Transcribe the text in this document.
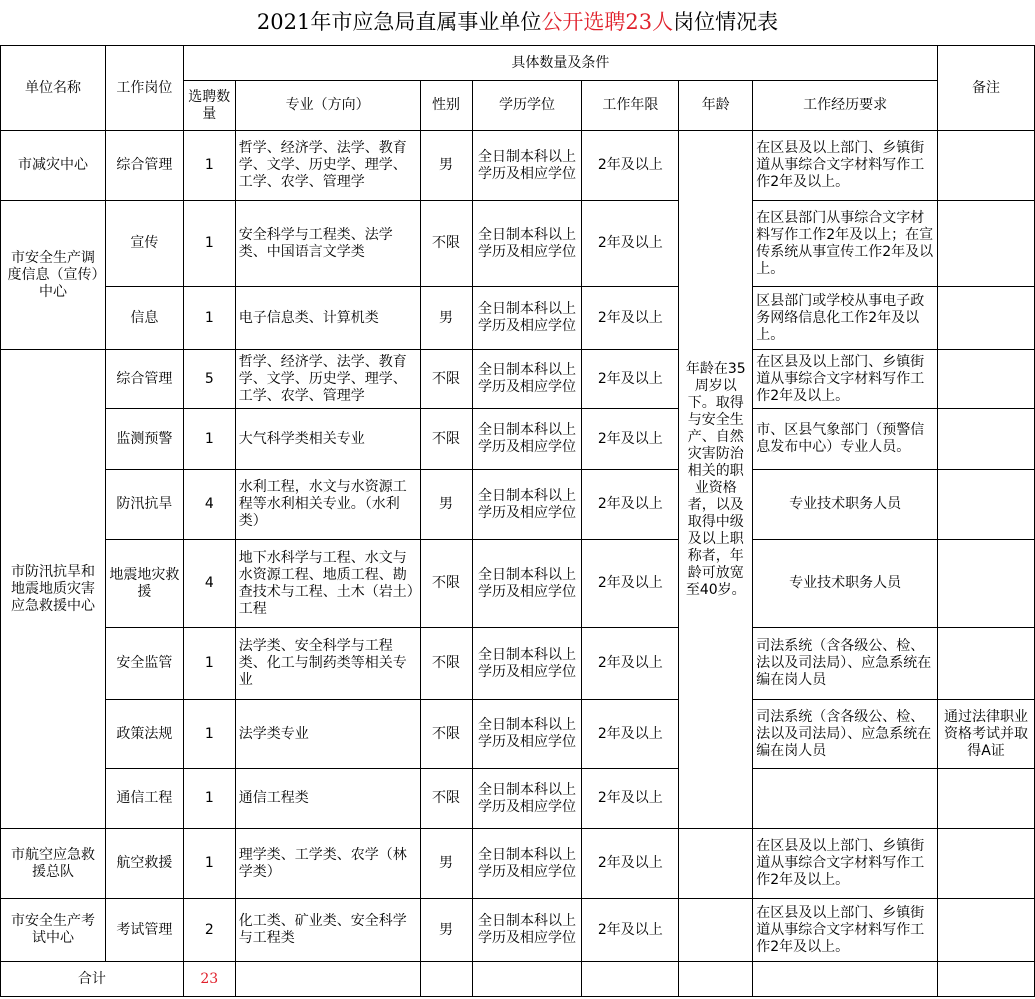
2021年市应急局直属事业单位公开选聘23人岗位情况表
单位名称	工作岗位	具体数量及条件							备注
		选聘数量	专业（方向）	性别	学历学位	工作年限	年龄	工作经历要求	
市减灾中心	综合管理	1	哲学、经济学、法学、教育学、文学、历史学、理学、工学、农学、管理学	男	全日制本科以上学历及相应学位	2年及以上	年龄在35周岁以下。取得与安全生产、自然灾害防治相关的职业资格者，以及取得中级及以上职称者，年龄可放宽至40岁。	在区县及以上部门、乡镇街道从事综合文字材料写作工作2年及以上。	
市安全生产调度信息（宣传）中心	宣传	1	安全科学与工程类、法学类、中国语言文学类	不限	全日制本科以上学历及相应学位	2年及以上		在区县部门从事综合文字材料写作工作2年及以上；在宣传系统从事宣传工作2年及以上。	
	信息	1	电子信息类、计算机类	男	全日制本科以上学历及相应学位	2年及以上		区县部门或学校从事电子政务网络信息化工作2年及以上。	
市防汛抗旱和地震地质灾害应急救援中心	综合管理	5	哲学、经济学、法学、教育学、文学、历史学、理学、工学、农学、管理学	不限	全日制本科以上学历及相应学位	2年及以上		在区县及以上部门、乡镇街道从事综合文字材料写作工作2年及以上。	
	监测预警	1	大气科学类相关专业	不限	全日制本科以上学历及相应学位	2年及以上		市、区县气象部门（预警信息发布中心）专业人员。	
	防汛抗旱	4	水利工程，水文与水资源工程等水利相关专业。（水利类）	男	全日制本科以上学历及相应学位	2年及以上		专业技术职务人员	
	地震地灾救援	4	地下水科学与工程、水文与水资源工程、地质工程、勘查技术与工程、土木（岩土）工程	不限	全日制本科以上学历及相应学位	2年及以上		专业技术职务人员	
	安全监管	1	法学类、安全科学与工程类、化工与制药类等相关专业	不限	全日制本科以上学历及相应学位	2年及以上		司法系统（含各级公、检、法以及司法局）、应急系统在编在岗人员	
	政策法规	1	法学类专业	不限	全日制本科以上学历及相应学位	2年及以上		司法系统（含各级公、检、法以及司法局）、应急系统在编在岗人员	通过法律职业资格考试并取得A证
	通信工程	1	通信工程类	不限	全日制本科以上学历及相应学位	2年及以上			
市航空应急救援总队	航空救援	1	理学类、工学类、农学（林学类）	男	全日制本科以上学历及相应学位	2年及以上		在区县及以上部门、乡镇街道从事综合文字材料写作工作2年及以上。	
市安全生产考试中心	考试管理	2	化工类、矿业类、安全科学与工程类	男	全日制本科以上学历及相应学位	2年及以上		在区县及以上部门、乡镇街道从事综合文字材料写作工作2年及以上。	
合计		23							
